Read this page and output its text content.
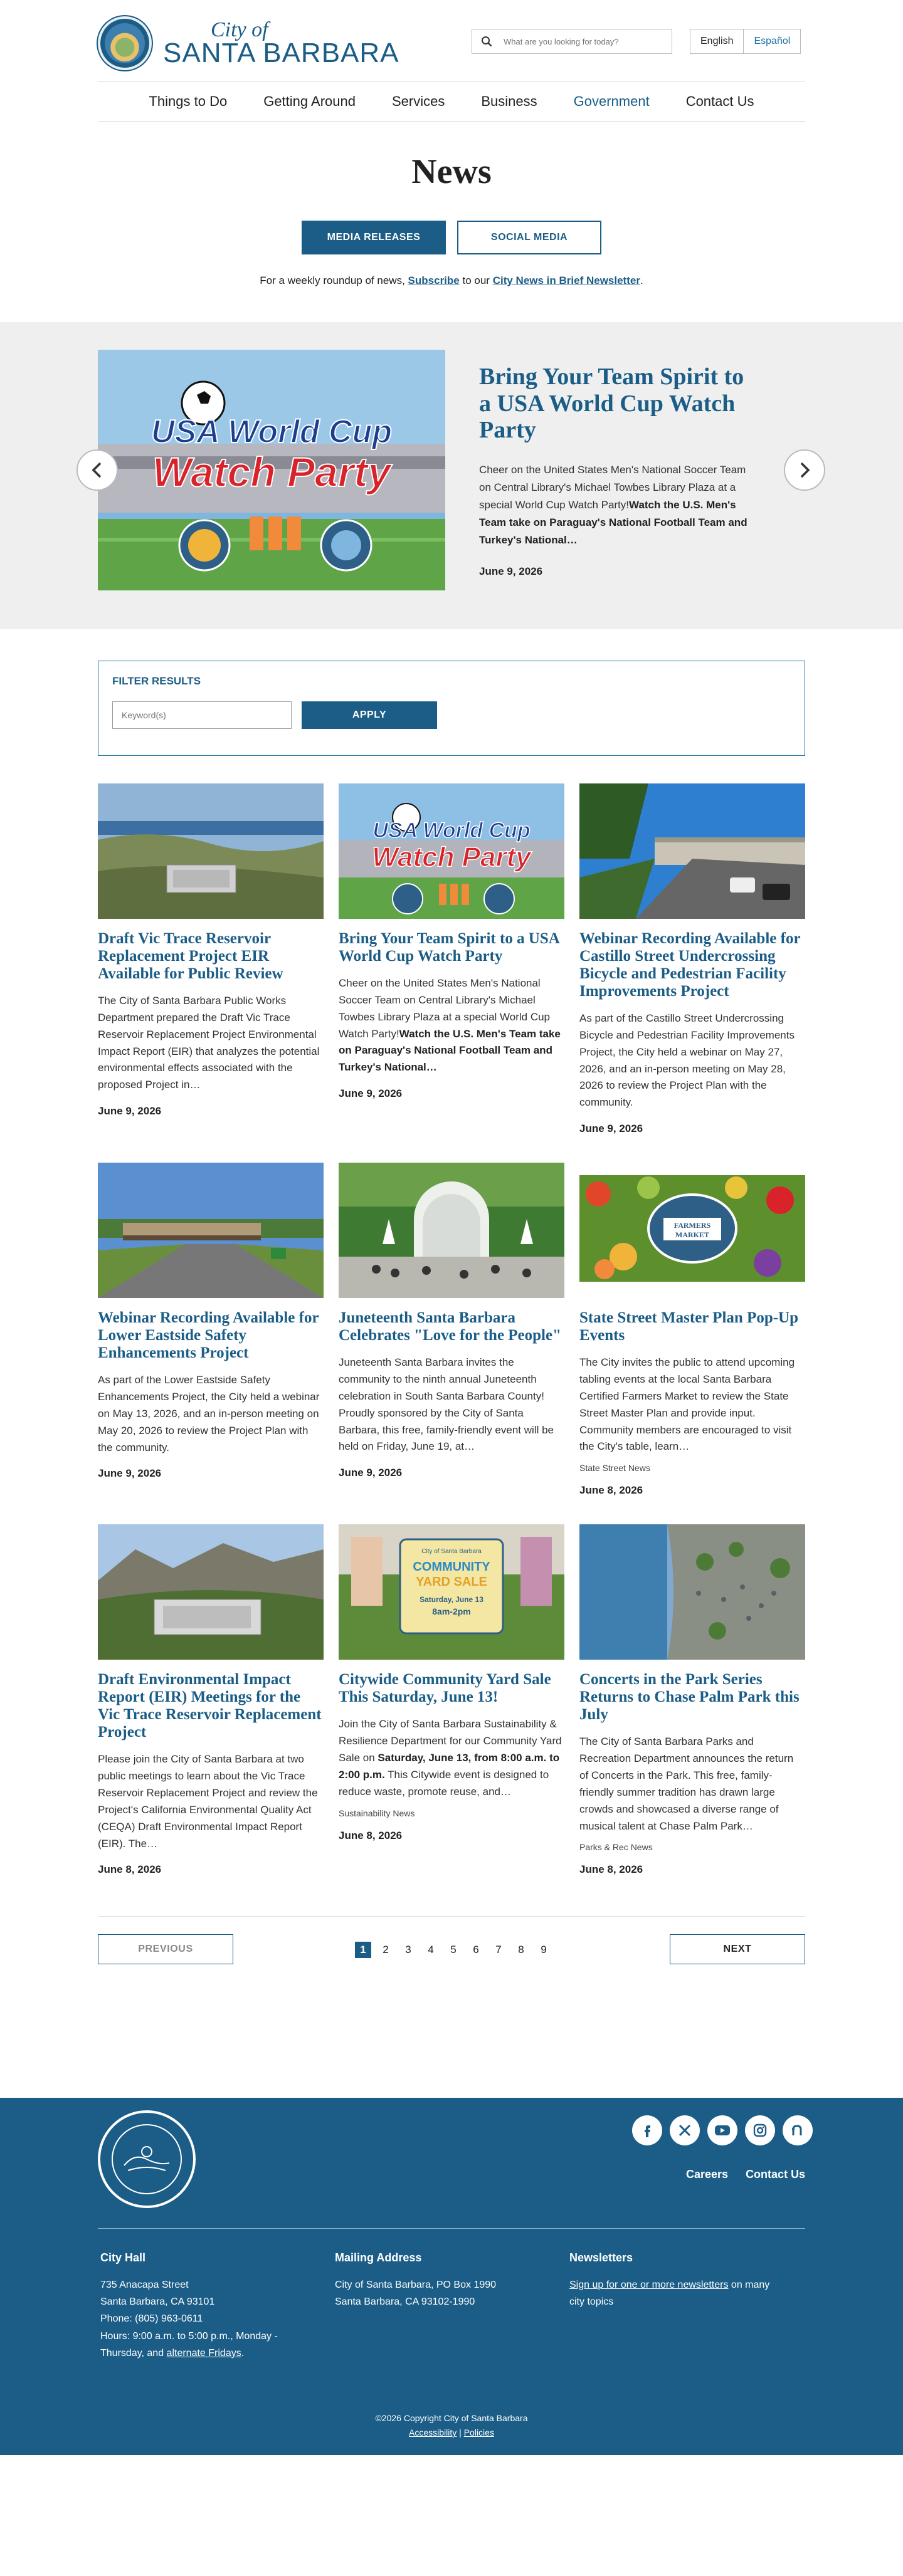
City of
SANTA BARBARA
What are you looking for today?	English	Español
Things to Do	Getting Around	Services	Business	Government	Contact Us
News
MEDIA RELEASES	SOCIAL MEDIA

For a weekly roundup of news, Subscribe to our City News in Brief Newsletter.

USA World Cup
Watch Party
Bring Your Team Spirit to a USA World Cup Watch Party

Cheer on the United States Men's National Soccer Team on Central Library's Michael Towbes Library Plaza at a special World Cup Watch Party!Watch the U.S. Men's Team take on Paraguay's National Football Team and Turkey's National…

June 9, 2026

FILTER RESULTS
Keyword(s)
APPLY
Draft Vic Trace Reservoir Replacement Project EIR Available for Public Review

The City of Santa Barbara Public Works Department prepared the Draft Vic Trace Reservoir Replacement Project Environmental Impact Report (EIR) that analyzes the potential environmental effects associated with the proposed Project in…

June 9, 2026

USA World Cup
Watch Party
Bring Your Team Spirit to a USA World Cup Watch Party

Cheer on the United States Men's National Soccer Team on Central Library's Michael Towbes Library Plaza at a special World Cup Watch Party!Watch the U.S. Men's Team take on Paraguay's National Football Team and Turkey's National…

June 9, 2026

Webinar Recording Available for Castillo Street Undercrossing Bicycle and Pedestrian Facility Improvements Project

As part of the Castillo Street Undercrossing Bicycle and Pedestrian Facility Improvements Project, the City held a webinar on May 27, 2026, and an in-person meeting on May 28, 2026 to review the Project Plan with the community.

June 9, 2026

Webinar Recording Available for Lower Eastside Safety Enhancements Project

As part of the Lower Eastside Safety Enhancements Project, the City held a webinar on May 13, 2026, and an in-person meeting on May 20, 2026 to review the Project Plan with the community.

June 9, 2026

Juneteenth Santa Barbara Celebrates "Love for the People"

Juneteenth Santa Barbara invites the community to the ninth annual Juneteenth celebration in South Santa Barbara County! Proudly sponsored by the City of Santa Barbara, this free, family-friendly event will be held on Friday, June 19, at…

June 9, 2026

FARMERS
MARKET
State Street Master Plan Pop-Up Events

The City invites the public to attend upcoming tabling events at the local Santa Barbara Certified Farmers Market to review the State Street Master Plan and provide input. Community members are encouraged to visit the City's table, learn…

State Street News

June 8, 2026

Draft Environmental Impact Report (EIR) Meetings for the Vic Trace Reservoir Replacement Project

Please join the City of Santa Barbara at two public meetings to learn about the Vic Trace Reservoir Replacement Project and review the Project's California Environmental Quality Act (CEQA) Draft Environmental Impact Report (EIR). The…

June 8, 2026

City of Santa Barbara
COMMUNITY
YARD SALE
Saturday, June 13
8am-2pm
Citywide Community Yard Sale This Saturday, June 13!

Join the City of Santa Barbara Sustainability & Resilience Department for our Community Yard Sale on Saturday, June 13, from 8:00 a.m. to 2:00 p.m. This Citywide event is designed to reduce waste, promote reuse, and…

Sustainability News

June 8, 2026

Concerts in the Park Series Returns to Chase Palm Park this July

The City of Santa Barbara Parks and Recreation Department announces the return of Concerts in the Park. This free, family-friendly summer tradition has drawn large crowds and showcased a diverse range of musical talent at Chase Palm Park…

Parks & Rec News

June 8, 2026

PREVIOUS	1	2	3	4	5	6	7	8	9	NEXT
Careers Contact Us
City Hall
735 Anacapa Street
Santa Barbara, CA 93101
Phone: (805) 963-0611
Hours: 9:00 a.m. to 5:00 p.m., Monday - Thursday, and alternate Fridays.
Mailing Address
City of Santa Barbara, PO Box 1990
Santa Barbara, CA 93102-1990
Newsletters
Sign up for one or more newsletters on many city topics
©2026 Copyright City of Santa Barbara
Accessibility | Policies
